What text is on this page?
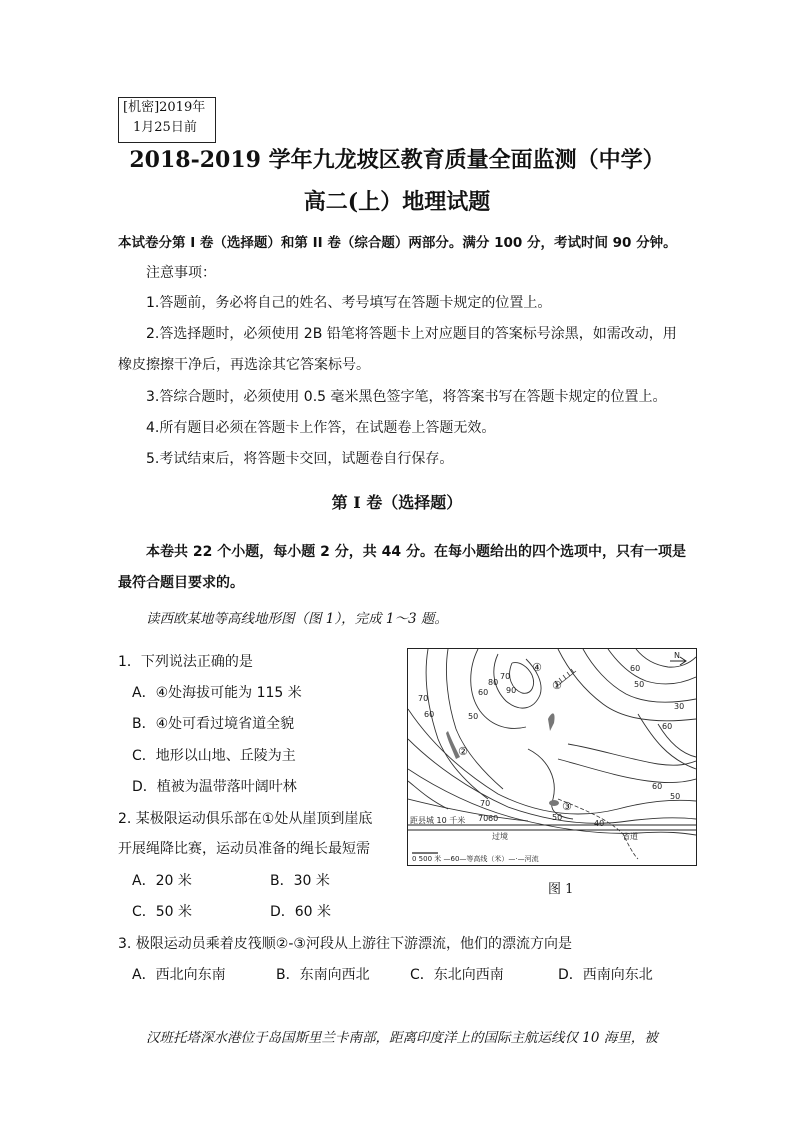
[机密]2019年
1月25日前
2018-2019 学年九龙坡区教育质量全面监测（中学）
高二(上）地理试题
本试卷分第 I 卷（选择题）和第 II 卷（综合题）两部分。满分 100 分，考试时间 90 分钟。
注意事项：
1.答题前，务必将自己的姓名、考号填写在答题卡规定的位置上。
2.答选择题时，必须使用 2B 铅笔将答题卡上对应题目的答案标号涂黑，如需改动，用
橡皮擦擦干净后，再选涂其它答案标号。
3.答综合题时，必须使用 0.5 毫米黑色签字笔，将答案书写在答题卡规定的位置上。
4.所有题目必须在答题卡上作答，在试题卷上答题无效。
5.考试结束后，将答题卡交回，试题卷自行保存。
第 I 卷（选择题）
本卷共 22 个小题，每小题 2 分，共 44 分。在每小题给出的四个选项中，只有一项是
最符合题目要求的。
读西欧某地等高线地形图（图 1），完成 1～3 题。
1．下列说法正确的是
A．④处海拔可能为 115 米
B．④处可看过境省道全貌
C．地形以山地、丘陵为主
D．植被为温带落叶阔叶林
2. 某极限运动俱乐部在①处从崖顶到崖底
开展绳降比赛，运动员准备的绳长最短需
A．20 米	B．30 米
C．50 米	D．60 米
3. 极限运动员乘着皮筏顺②-③河段从上游往下游漂流，他们的漂流方向是
A．西北向东南	B．东南向西北	C．东北向西南	D．西南向东北
汉班托塔深水港位于岛国斯里兰卡南部，距离印度洋上的国际主航运线仅 10 海里，被
70
60
80
90
70
60
60
50
50
30
60
60
50
70
50
40
60
70
①
②
③
④
N
距县城 10 千米
过境	省道
0 500 米 —60—等高线（米）—·—河流
图 1
